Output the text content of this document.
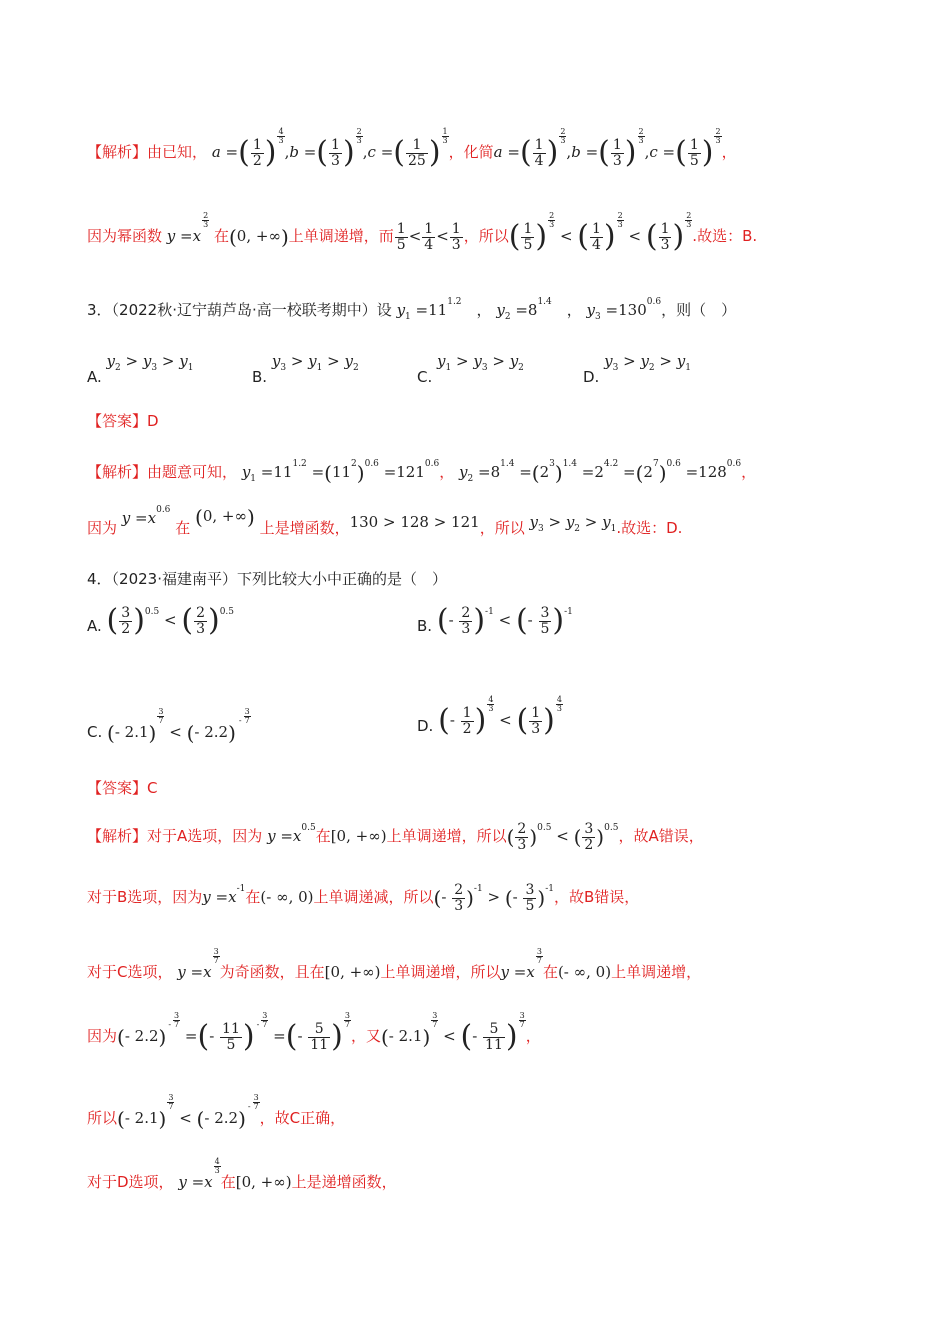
【解析】由已知， a =( $\frac{1}{2}$ ) $\frac{4}{3}$
,b =( $\frac{1}{3}$ ) $\frac{2}{3}$
,c =( $\frac{1}{25}$ ) $\frac{1}{3}$
，化简a =( $\frac{1}{4}$ ) $\frac{2}{3}$
,b =( $\frac{1}{3}$ ) $\frac{2}{3}$
,c =( $\frac{1}{5}$ ) $\frac{2}{3}$
，
因为幂函数 y =x
$\frac{2}{3}$
在(0, +∞)上单调递增，而 $\frac{1}{5} < \frac{1}{4} < \frac{1}{3}$ ，所以( $\frac{1}{5}$ ) $\frac{2}{3}$
< ( $\frac{1}{4}$ ) $\frac{2}{3}$
< ( $\frac{1}{3}$ ) $\frac{2}{3}$
.故选：B.
3．（2022秋·辽宁葫芦岛·高一校联考期中）设 $y_1 =11^{1.2}$　， $y_2 =8^{1.4}$　， $y_3 =130^{0.6}$，则（　）
A. $y_2 > y_3 > y_1$	B. $y_3 > y_1 > y_2$	C. $y_1 > y_3 > y_2$	D. $y_3 > y_2 > y_1$
【答案】D
【解析】由题意可知， $y_1 =11^{1.2} =(11^2)^{0.6} =121^{0.6}$， $y_2 =8^{1.4} =(2^3)^{1.4} =2^{4.2} =(2^7)^{0.6} =128^{0.6}$，
因为 $y =x^{0.6}$ 在 (0, +∞) 上是增函数，130 > 128 > 121，所以 $y_3 > y_2 > y_1$.故选：D.
4．（2023·福建南平）下列比较大小中正确的是（　）
A. ( $\frac{3}{2} )^{0.5}$ < ( $\frac{2}{3} )^{0.5}$
B. (- $\frac{2}{3} )^{-1}$ < (- $\frac{3}{5} )^{-1}$
C. (- 2.1)
$\frac{3}{7}$
< (- 2.2)
- $\frac{3}{7}$
D. (- $\frac{1}{2}$ ) $\frac{4}{3}$
< ( $\frac{1}{3}$ ) $\frac{4}{3}$
【答案】C
【解析】对于A选项，因为 $y =x^{0.5}$在[0, +∞)上单调递增，所以( $\frac{2}{3} )^{0.5}$ < ( $\frac{3}{2} )^{0.5}$，故A错误，
对于B选项，因为$y =x^{-1}$在(- ∞, 0)上单调递减，所以(- $\frac{2}{3} )^{-1}$ > (- $\frac{3}{5} )^{-1}$，故B错误，
对于C选项， y =x
$\frac{3}{7}$
为奇函数，且在[0, +∞)上单调递增，所以y =x
$\frac{3}{7}$
在(- ∞, 0)上单调递增，
因为(- 2.2)
- $\frac{3}{7}$
=(- $\frac{11}{5}$ ) - $\frac{3}{7}$
=(- $\frac{5}{11}$ ) $\frac{3}{7}$
，又(- 2.1)
$\frac{3}{7}$
< (- $\frac{5}{11}$ ) $\frac{3}{7}$
，
所以(- 2.1)
$\frac{3}{7}$
< (- 2.2)
- $\frac{3}{7}$
，故C正确，
对于D选项， y =x
$\frac{4}{3}$
在[0, +∞)上是递增函数，
